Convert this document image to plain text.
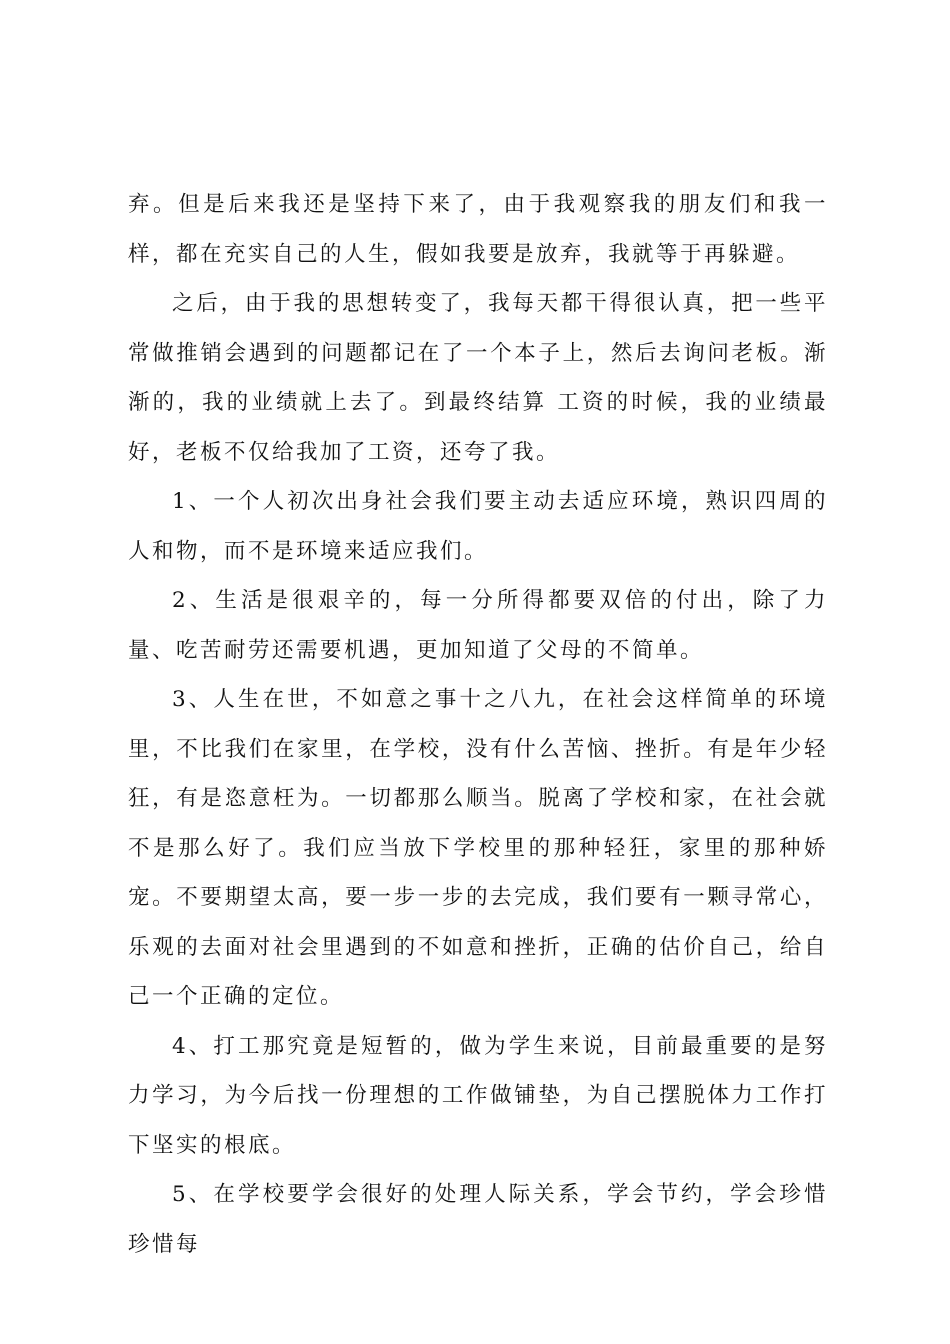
弃。但是后来我还是坚持下来了，由于我观察我的朋友们和我一样，都在充实自己的人生，假如我要是放弃，我就等于再躲避。

之后，由于我的思想转变了，我每天都干得很认真，把一些平常做推销会遇到的问题都记在了一个本子上，然后去询问老板。渐渐的，我的业绩就上去了。到最终结算 工资的时候，我的业绩最好，老板不仅给我加了工资，还夸了我。

1、一个人初次出身社会我们要主动去适应环境，熟识四周的人和物，而不是环境来适应我们。

2、生活是很艰辛的，每一分所得都要双倍的付出，除了力量、吃苦耐劳还需要机遇，更加知道了父母的不简单。

3、人生在世，不如意之事十之八九，在社会这样简单的环境里，不比我们在家里，在学校，没有什么苦恼、挫折。有是年少轻狂，有是恣意枉为。一切都那么顺当。脱离了学校和家，在社会就不是那么好了。我们应当放下学校里的那种轻狂，家里的那种娇宠。不要期望太高，要一步一步的去完成，我们要有一颗寻常心，乐观的去面对社会里遇到的不如意和挫折，正确的估价自己，给自己一个正确的定位。

4、打工那究竟是短暂的，做为学生来说，目前最重要的是努力学习，为今后找一份理想的工作做铺垫，为自己摆脱体力工作打下坚实的根底。

5、在学校要学会很好的处理人际关系，学会节约，学会珍惜珍惜每
